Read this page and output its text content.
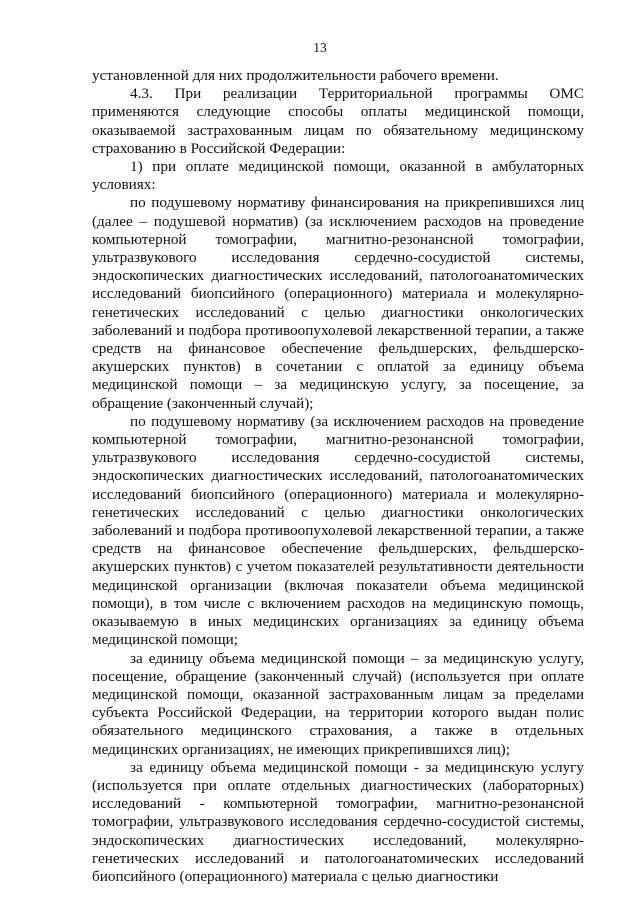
13

установленной для них продолжительности рабочего времени.

4.3. При реализации Территориальной программы ОМС применяются следующие способы оплаты медицинской помощи, оказываемой застрахованным лицам по обязательному медицинскому страхованию в Российской Федерации:

1) при оплате медицинской помощи, оказанной в амбулаторных условиях:

по подушевому нормативу финансирования на прикрепившихся лиц (далее – подушевой норматив) (за исключением расходов на проведение компьютерной томографии, магнитно-резонансной томографии, ультразвукового исследования сердечно-сосудистой системы, эндоскопических диагностических исследований, патологоанатомических исследований биопсийного (операционного) материала и молекулярно-генетических исследований с целью диагностики онкологических заболеваний и подбора противоопухолевой лекарственной терапии, а также средств на финансовое обеспечение фельдшерских, фельдшерско-акушерских пунктов) в сочетании с оплатой за единицу объема медицинской помощи – за медицинскую услугу, за посещение, за обращение (законченный случай);

по подушевому нормативу (за исключением расходов на проведение компьютерной томографии, магнитно-резонансной томографии, ультразвукового исследования сердечно-сосудистой системы, эндоскопических диагностических исследований, патологоанатомических исследований биопсийного (операционного) материала и молекулярно-генетических исследований с целью диагностики онкологических заболеваний и подбора противоопухолевой лекарственной терапии, а также средств на финансовое обеспечение фельдшерских, фельдшерско-акушерских пунктов) с учетом показателей результативности деятельности медицинской организации (включая показатели объема медицинской помощи), в том числе с включением расходов на медицинскую помощь, оказываемую в иных медицинских организациях за единицу объема медицинской помощи;

за единицу объема медицинской помощи – за медицинскую услугу, посещение, обращение (законченный случай) (используется при оплате медицинской помощи, оказанной застрахованным лицам за пределами субъекта Российской Федерации, на территории которого выдан полис обязательного медицинского страхования, а также в отдельных медицинских организациях, не имеющих прикрепившихся лиц);

за единицу объема медицинской помощи - за медицинскую услугу (используется при оплате отдельных диагностических (лабораторных) исследований - компьютерной томографии, магнитно-резонансной томографии, ультразвукового исследования сердечно-сосудистой системы, эндоскопических диагностических исследований, молекулярно-генетических исследований и патологоанатомических исследований биопсийного (операционного) материала с целью диагностики
